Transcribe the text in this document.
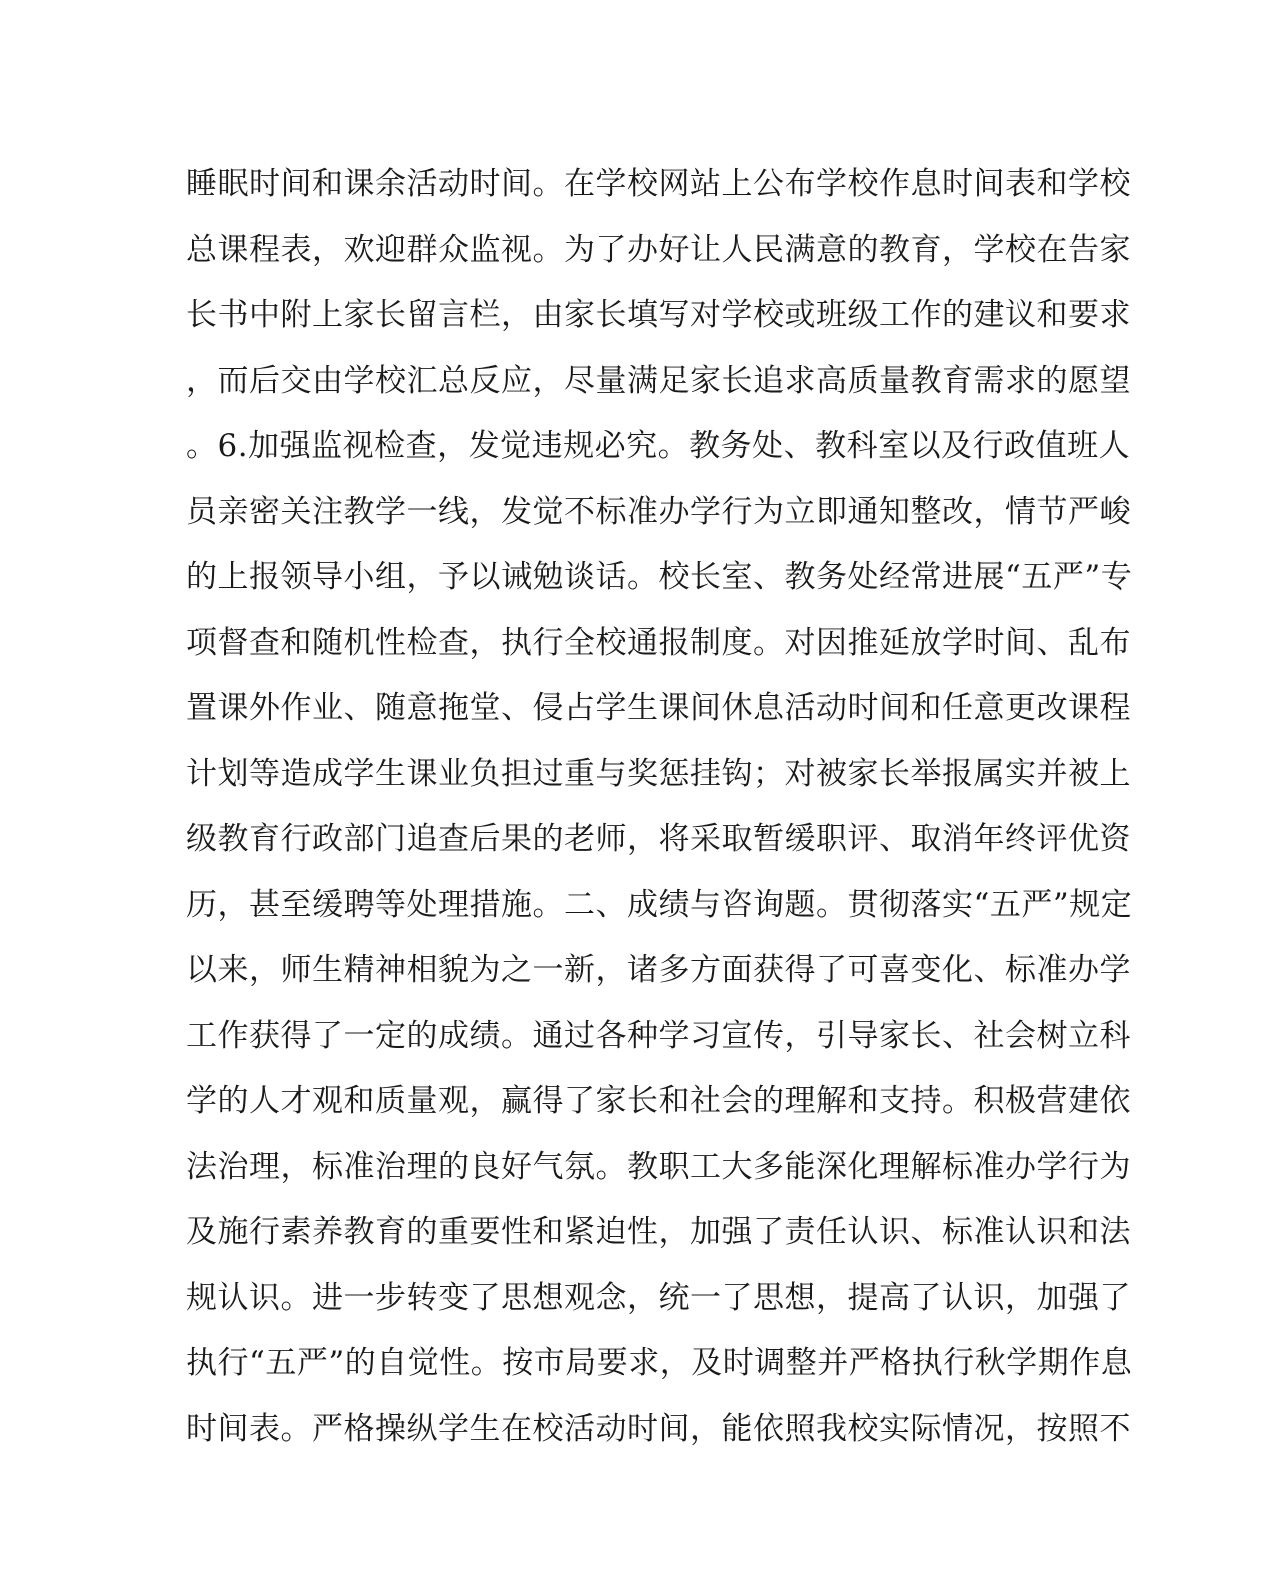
睡眠时间和课余活动时间。在学校网站上公布学校作息时间表和学校
总课程表，欢迎群众监视。为了办好让人民满意的教育，学校在告家
长书中附上家长留言栏，由家长填写对学校或班级工作的建议和要求
，而后交由学校汇总反应，尽量满足家长追求高质量教育需求的愿望
。6.加强监视检查，发觉违规必究。教务处、教科室以及行政值班人
员亲密关注教学一线，发觉不标准办学行为立即通知整改，情节严峻
的上报领导小组，予以诫勉谈话。校长室、教务处经常进展“五严”专
项督查和随机性检查，执行全校通报制度。对因推延放学时间、乱布
置课外作业、随意拖堂、侵占学生课间休息活动时间和任意更改课程
计划等造成学生课业负担过重与奖惩挂钩；对被家长举报属实并被上
级教育行政部门追查后果的老师，将采取暂缓职评、取消年终评优资
历，甚至缓聘等处理措施。二、成绩与咨询题。贯彻落实“五严”规定
以来，师生精神相貌为之一新，诸多方面获得了可喜变化、标准办学
工作获得了一定的成绩。通过各种学习宣传，引导家长、社会树立科
学的人才观和质量观，赢得了家长和社会的理解和支持。积极营建依
法治理，标准治理的良好气氛。教职工大多能深化理解标准办学行为
及施行素养教育的重要性和紧迫性，加强了责任认识、标准认识和法
规认识。进一步转变了思想观念，统一了思想，提高了认识，加强了
执行“五严”的自觉性。按市局要求，及时调整并严格执行秋学期作息
时间表。严格操纵学生在校活动时间，能依照我校实际情况，按照不
